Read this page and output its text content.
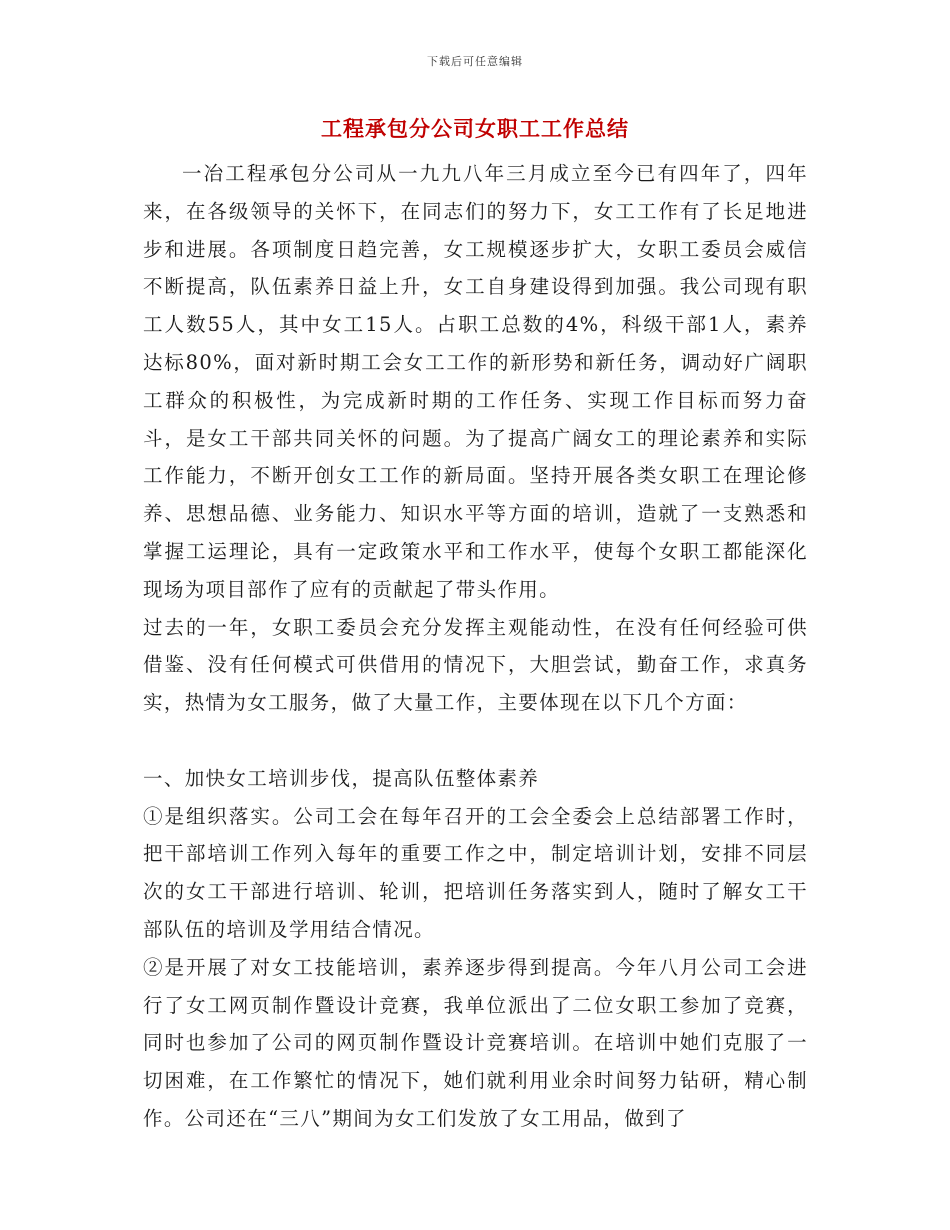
下载后可任意编辑
工程承包分公司女职工工作总结

一冶工程承包分公司从一九九八年三月成立至今已有四年了，四年来，在各级领导的关怀下，在同志们的努力下，女工工作有了长足地进步和进展。各项制度日趋完善，女工规模逐步扩大，女职工委员会威信不断提高，队伍素养日益上升，女工自身建设得到加强。我公司现有职工人数55人，其中女工15人。占职工总数的4%，科级干部1人，素养达标80%，面对新时期工会女工工作的新形势和新任务，调动好广阔职工群众的积极性，为完成新时期的工作任务、实现工作目标而努力奋斗，是女工干部共同关怀的问题。为了提高广阔女工的理论素养和实际工作能力，不断开创女工工作的新局面。坚持开展各类女职工在理论修养、思想品德、业务能力、知识水平等方面的培训，造就了一支熟悉和掌握工运理论，具有一定政策水平和工作水平，使每个女职工都能深化现场为项目部作了应有的贡献起了带头作用。

过去的一年，女职工委员会充分发挥主观能动性，在没有任何经验可供借鉴、没有任何模式可供借用的情况下，大胆尝试，勤奋工作，求真务实，热情为女工服务，做了大量工作，主要体现在以下几个方面：

一、加快女工培训步伐，提高队伍整体素养

①是组织落实。公司工会在每年召开的工会全委会上总结部署工作时，把干部培训工作列入每年的重要工作之中，制定培训计划，安排不同层次的女工干部进行培训、轮训，把培训任务落实到人，随时了解女工干部队伍的培训及学用结合情况。

②是开展了对女工技能培训，素养逐步得到提高。今年八月公司工会进行了女工网页制作暨设计竞赛，我单位派出了二位女职工参加了竞赛，同时也参加了公司的网页制作暨设计竞赛培训。在培训中她们克服了一切困难，在工作繁忙的情况下，她们就利用业余时间努力钻研，精心制作。公司还在“三八”期间为女工们发放了女工用品，做到了
